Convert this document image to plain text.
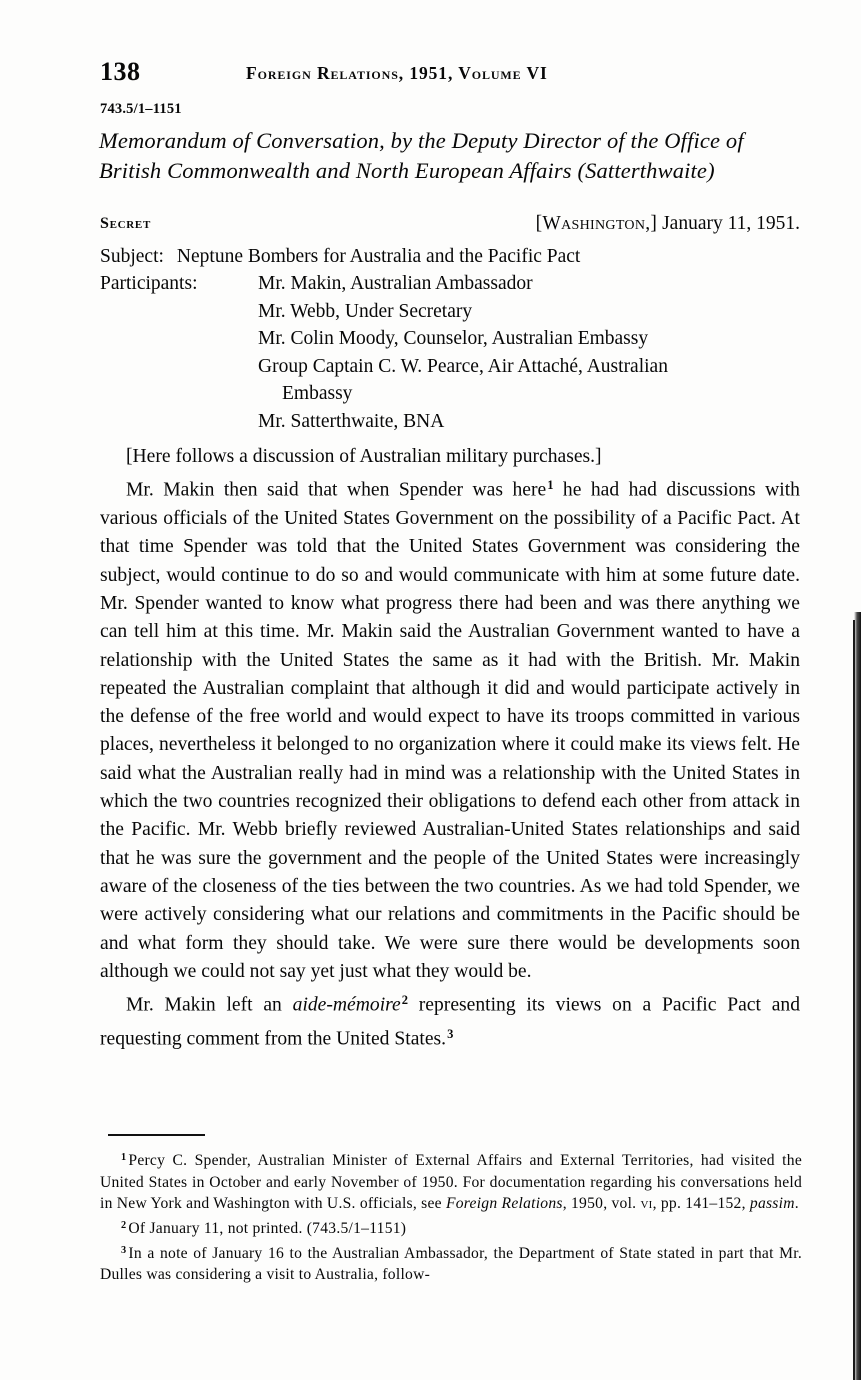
138	Foreign Relations, 1951, Volume VI
743.5/1–1151
Memorandum of Conversation, by the Deputy Director of the Office of
British Commonwealth and North European Affairs (Satterthwaite)
Secret	[Washington,] January 11, 1951.
Subject: Neptune Bombers for Australia and the Pacific Pact
Participants:	Mr. Makin, Australian Ambassador
Mr. Webb, Under Secretary
Mr. Colin Moody, Counselor, Australian Embassy
Group Captain C. W. Pearce, Air Attaché, Australian
Embassy
Mr. Satterthwaite, BNA

[Here follows a discussion of Australian military purchases.]

Mr. Makin then said that when Spender was here$^1$ he had had discussions with various officials of the United States Government on the possibility of a Pacific Pact. At that time Spender was told that the United States Government was considering the subject, would continue to do so and would communicate with him at some future date. Mr. Spender wanted to know what progress there had been and was there anything we can tell him at this time. Mr. Makin said the Australian Government wanted to have a relationship with the United States the same as it had with the British. Mr. Makin repeated the Australian complaint that although it did and would participate actively in the defense of the free world and would expect to have its troops committed in various places, nevertheless it belonged to no organization where it could make its views felt. He said what the Australian really had in mind was a relationship with the United States in which the two countries recognized their obligations to defend each other from attack in the Pacific. Mr. Webb briefly reviewed Australian-United States relationships and said that he was sure the government and the people of the United States were increasingly aware of the closeness of the ties between the two countries. As we had told Spender, we were actively considering what our relations and commitments in the Pacific should be and what form they should take. We were sure there would be developments soon although we could not say yet just what they would be.

Mr. Makin left an aide-mémoire$^2$ representing its views on a Pacific Pact and requesting comment from the United States.$^3$

$^1$ Percy C. Spender, Australian Minister of External Affairs and External Territories, had visited the United States in October and early November of 1950. For documentation regarding his conversations held in New York and Washington with U.S. officials, see Foreign Relations, 1950, vol. vi, pp. 141–152, passim.

$^2$ Of January 11, not printed. (743.5/1–1151)

$^3$ In a note of January 16 to the Australian Ambassador, the Department of State stated in part that Mr. Dulles was considering a visit to Australia, follow-
